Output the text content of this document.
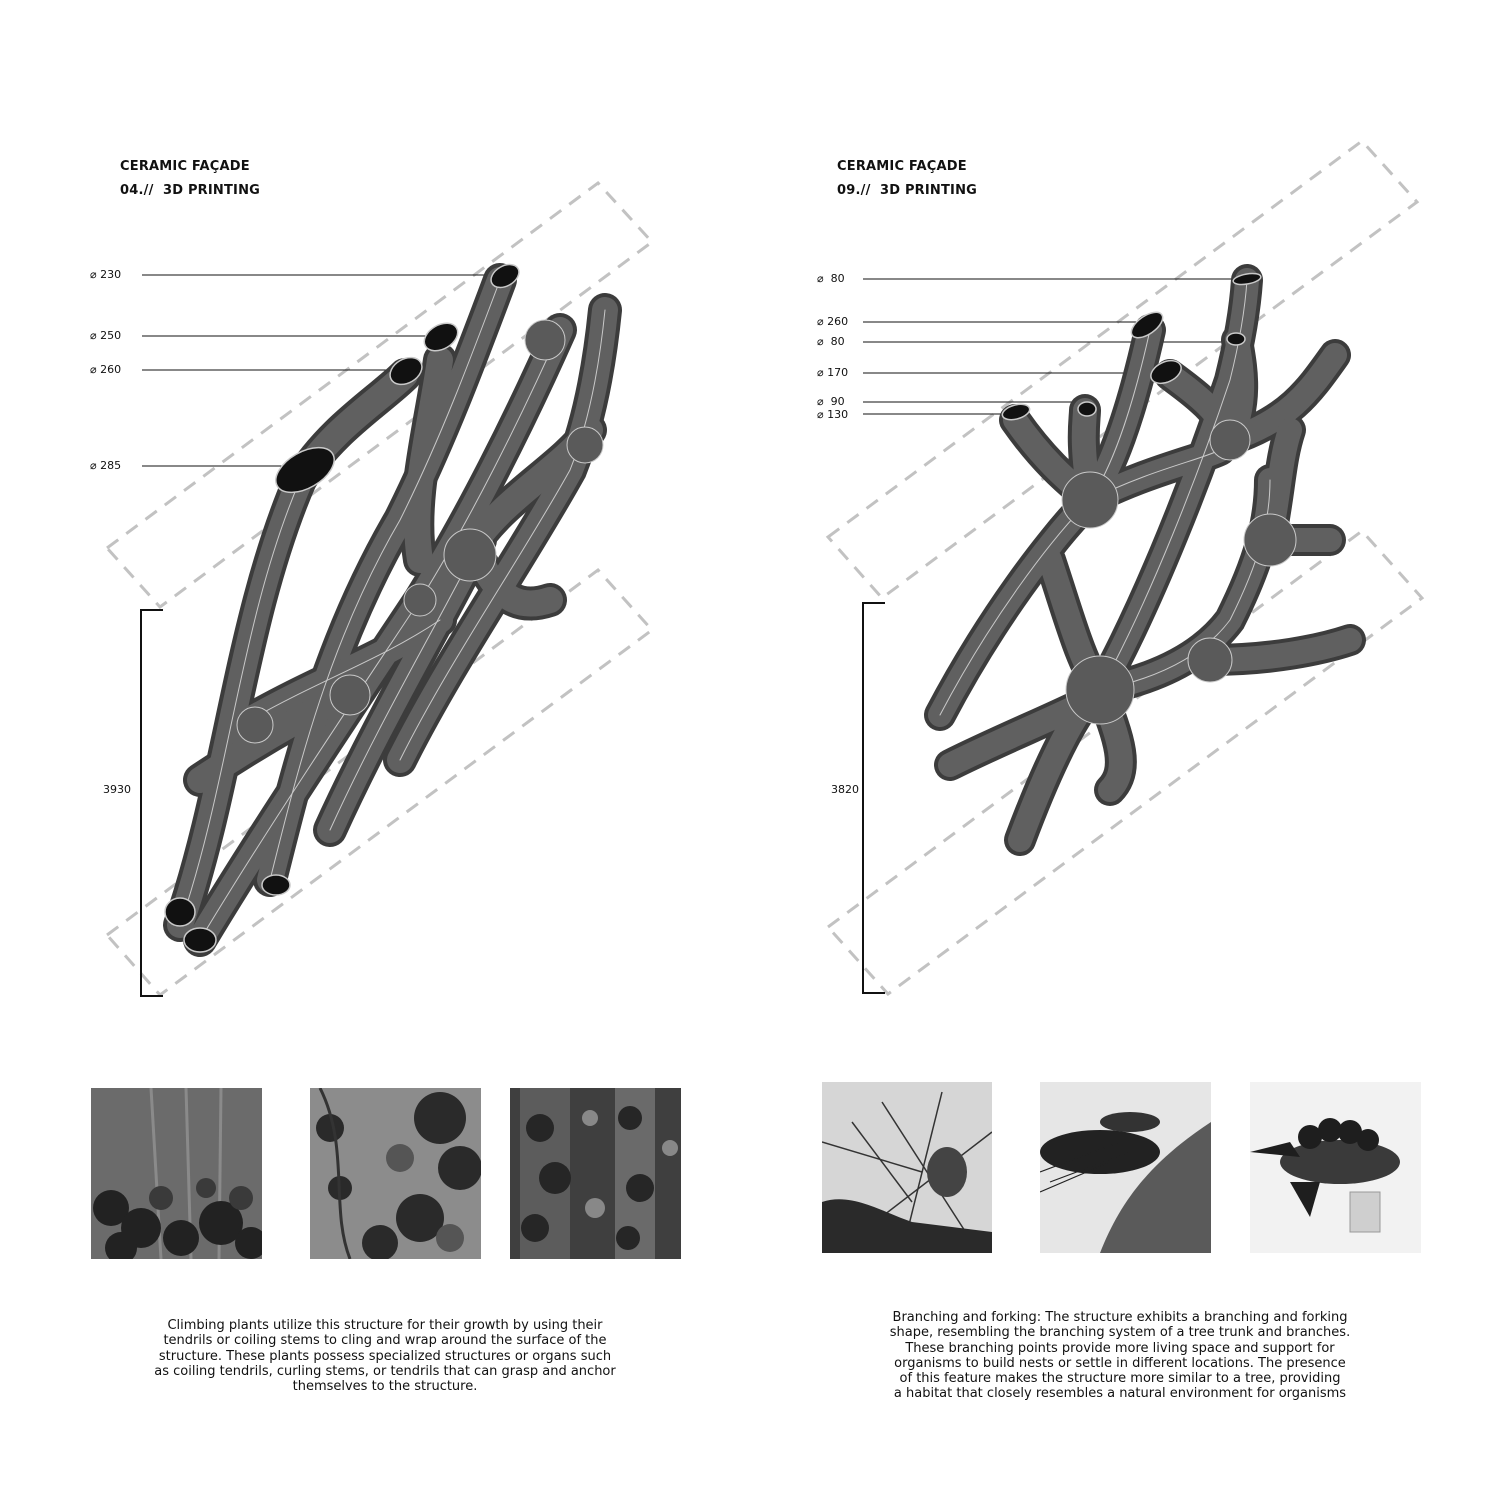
CERAMIC FAÇADE
04.//  3D PRINTING
⌀ 230
⌀ 250
⌀ 260
⌀ 285
3930
Climbing plants utilize this structure for their growth by using their
tendrils or coiling stems to cling and wrap around the surface of the
structure. These plants possess specialized structures or organs such
as coiling tendrils, curling stems, or tendrils that can grasp and anchor
themselves to the structure.
CERAMIC FAÇADE
09.//  3D PRINTING
⌀  80
⌀ 260
⌀  80
⌀ 170
⌀  90
⌀ 130
3820
Branching and forking: The structure exhibits a branching and forking
shape, resembling the branching system of a tree trunk and branches.
These branching points provide more living space and support for
organisms to build nests or settle in different locations. The presence
of this feature makes the structure more similar to a tree, providing
a habitat that closely resembles a natural environment for organisms
